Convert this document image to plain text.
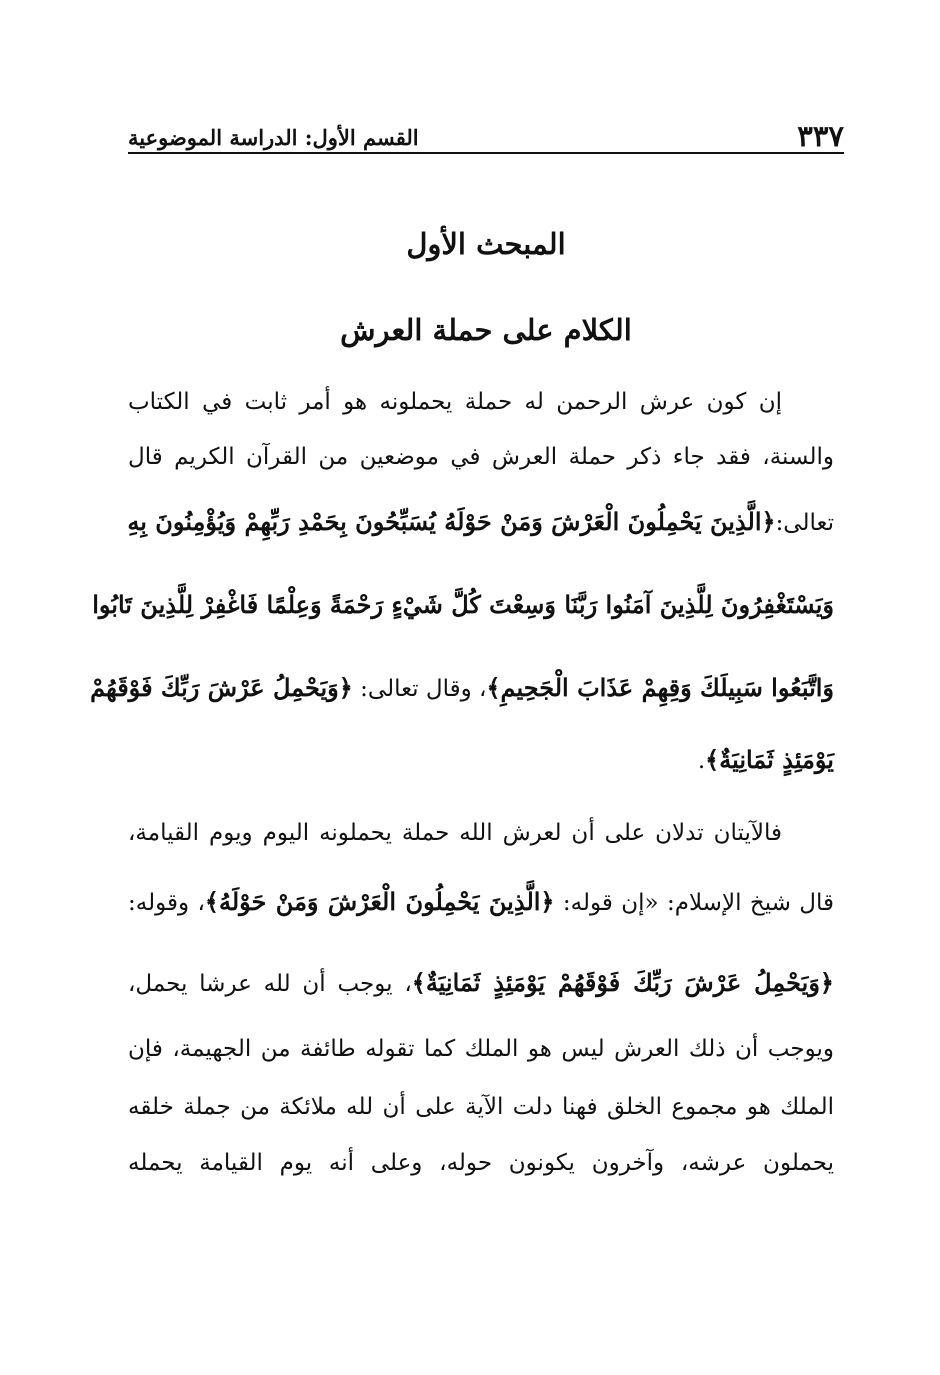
٣٣٧
القسم الأول: الدراسة الموضوعية
المبحث الأول
الكلام على حملة العرش
إن كون عرش الرحمن له حملة يحملونه هو أمر ثابت في الكتاب
والسنة، فقد جاء ذكر حملة العرش في موضعين من القرآن الكريم قال
تعالى:﴿الَّذِينَ يَحْمِلُونَ الْعَرْشَ وَمَنْ حَوْلَهُ يُسَبِّحُونَ بِحَمْدِ رَبِّهِمْ وَيُؤْمِنُونَ بِهِ
وَيَسْتَغْفِرُونَ لِلَّذِينَ آمَنُوا رَبَّنَا وَسِعْتَ كُلَّ شَيْءٍ رَحْمَةً وَعِلْمًا فَاغْفِرْ لِلَّذِينَ تَابُوا
وَاتَّبَعُوا سَبِيلَكَ وَقِهِمْ عَذَابَ الْجَحِيمِ﴾، وقال تعالى: ﴿وَيَحْمِلُ عَرْشَ رَبِّكَ فَوْقَهُمْ
يَوْمَئِذٍ ثَمَانِيَةٌ﴾.
فالآيتان تدلان على أن لعرش الله حملة يحملونه اليوم ويوم القيامة،
قال شيخ الإسلام: «إن قوله: ﴿الَّذِينَ يَحْمِلُونَ الْعَرْشَ وَمَنْ حَوْلَهُ﴾، وقوله:
﴿وَيَحْمِلُ عَرْشَ رَبِّكَ فَوْقَهُمْ يَوْمَئِذٍ ثَمَانِيَةٌ﴾، يوجب أن لله عرشا يحمل،
ويوجب أن ذلك العرش ليس هو الملك كما تقوله طائفة من الجهيمة، فإن
الملك هو مجموع الخلق فهنا دلت الآية على أن لله ملائكة من جملة خلقه
يحملون عرشه، وآخرون يكونون حوله، وعلى أنه يوم القيامة يحمله
